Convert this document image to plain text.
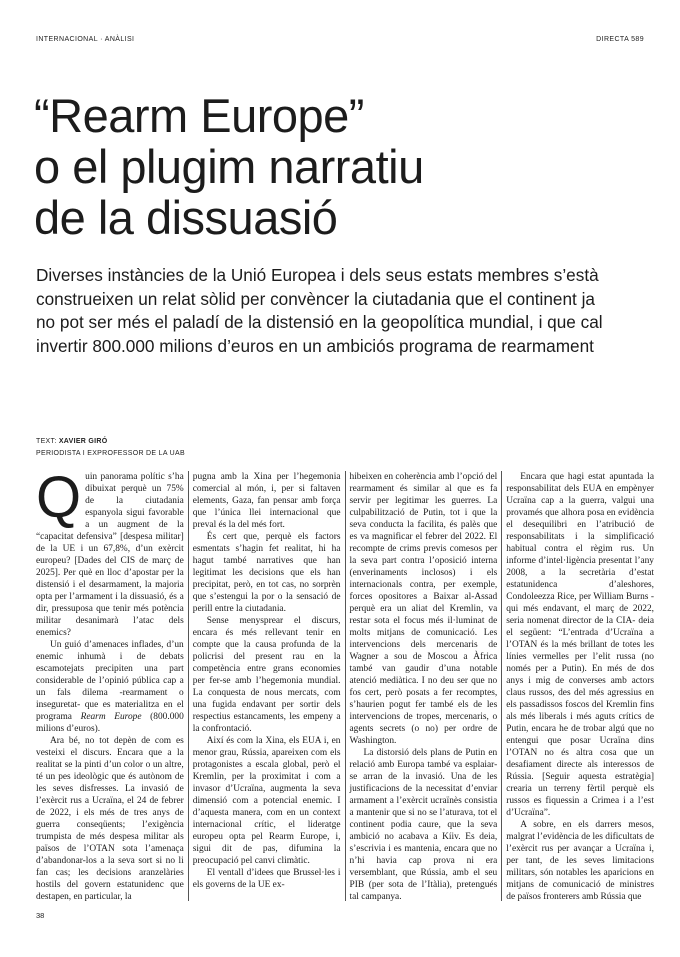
INTERNACIONAL · ANÀLISI	DIRECTA 589
“Rearm Europe”
o el plugim narratiu
de la dissuasió

Diverses instàncies de la Unió Europea i dels seus estats membres s’està
construeixen un relat sòlid per convèncer la ciutadania que el continent ja
no pot ser més el paladí de la distensió en la geopolítica mundial, i que cal
invertir 800.000 milions d’euros en un ambiciós programa de rearmament

TEXT: XAVIER GIRÓ
PERIODISTA I EXPROFESSOR DE LA UAB

Quin panorama polític s’ha dibuixat perquè un 75% de la ciutadania espanyola sigui favorable a un augment de la “capacitat defensiva” [despesa militar] de la UE i un 67,8%, d’un exèrcit europeu? [Dades del CIS de març de 2025]. Per què en lloc d’apostar per la distensió i el desarmament, la majoria opta per l’armament i la dissuasió, és a dir, pressuposa que tenir més potència militar desanimarà l’atac dels enemics?

Un guió d’amenaces inflades, d’un enemic inhumà i de debats escamotejats precipiten una part considerable de l’opinió pública cap a un fals dilema -rearmament o inseguretat- que es materialitza en el programa Rearm Europe (800.000 milions d’euros).

Ara bé, no tot depèn de com es vesteixi el discurs. Encara que a la realitat se la pinti d’un color o un altre, té un pes ideològic que és autònom de les seves disfresses. La invasió de l’exèrcit rus a Ucraïna, el 24 de febrer de 2022, i els més de tres anys de guerra conseqüents; l’exigència trumpista de més despesa militar als països de l’OTAN sota l’amenaça d’abandonar-los a la seva sort si no li fan cas; les decisions aranzelàries hostils del govern estatunidenc que destapen, en particular, la

pugna amb la Xina per l’hegemonia comercial al món, i, per si faltaven elements, Gaza, fan pensar amb força que l’única llei internacional que preval és la del més fort.

És cert que, perquè els factors esmentats s’hagin fet realitat, hi ha hagut també narratives que han legitimat les decisions que els han precipitat, però, en tot cas, no sorprèn que s’estengui la por o la sensació de perill entre la ciutadania.

Sense menysprear el discurs, encara és més rellevant tenir en compte que la causa profunda de la policrisi del present rau en la competència entre grans economies per fer-se amb l’hegemonia mundial. La conquesta de nous mercats, com una fugida endavant per sortir dels respectius estancaments, les empeny a la confrontació.

Així és com la Xina, els EUA i, en menor grau, Rússia, apareixen com els protagonistes a escala global, però el Kremlin, per la proximitat i com a invasor d’Ucraïna, augmenta la seva dimensió com a potencial enemic. I d’aquesta manera, com en un context internacional crític, el lideratge europeu opta pel Rearm Europe, i, sigui dit de pas, difumina la preocupació pel canvi climàtic.

El ventall d’idees que Brussel·les i els governs de la UE ex-

hibeixen en coherència amb l’opció del rearmament és similar al que es fa servir per legitimar les guerres. La culpabilització de Putin, tot i que la seva conducta la facilita, és palès que es va magnificar el febrer del 2022. El recompte de crims previs comesos per la seva part contra l’oposició interna (enverinaments inclosos) i els internacionals contra, per exemple, forces opositores a Baixar al-Assad perquè era un aliat del Kremlin, va restar sota el focus més il·luminat de molts mitjans de comunicació. Les intervencions dels mercenaris de Wagner a sou de Moscou a Àfrica també van gaudir d’una notable atenció mediàtica. I no deu ser que no fos cert, però posats a fer recomptes, s’haurien pogut fer també els de les intervencions de tropes, mercenaris, o agents secrets (o no) per ordre de Washington.

La distorsió dels plans de Putin en relació amb Europa també va esplaiar-se arran de la invasió. Una de les justificacions de la necessitat d’enviar armament a l’exèrcit ucraïnès consistia a mantenir que si no se l’aturava, tot el continent podia caure, que la seva ambició no acabava a Kíiv. Es deia, s’escrivia i es mantenia, encara que no n’hi havia cap prova ni era versemblant, que Rússia, amb el seu PIB (per sota de l’Itàlia), pretengués tal campanya.

Encara que hagi estat apuntada la responsabilitat dels EUA en empènyer Ucraïna cap a la guerra, valgui una provamés que alhora posa en evidència el desequilibri en l’atribució de responsabilitats i la simplificació habitual contra el règim rus. Un informe d’intel·ligència presentat l’any 2008, a la secretària d’estat estatunidenca d’aleshores, Condoleezza Rice, per William Burns -qui més endavant, el març de 2022, seria nomenat director de la CIA- deia el següent: “L’entrada d’Ucraïna a l’OTAN és la més brillant de totes les línies vermelles per l’elit russa (no només per a Putin). En més de dos anys i mig de converses amb actors claus russos, des del més agressius en els passadissos foscos del Kremlin fins als més liberals i més aguts crítics de Putin, encara he de trobar algú que no entengui que posar Ucraïna dins l’OTAN no és altra cosa que un desafiament directe als interessos de Rússia. [Seguir aquesta estratègia] crearia un terreny fèrtil perquè els russos es fiquessin a Crimea i a l’est d’Ucraïna”.

A sobre, en els darrers mesos, malgrat l’evidència de les dificultats de l’exèrcit rus per avançar a Ucraïna i, per tant, de les seves limitacions militars, són notables les aparicions en mitjans de comunicació de ministres de països fronterers amb Rússia que

38
